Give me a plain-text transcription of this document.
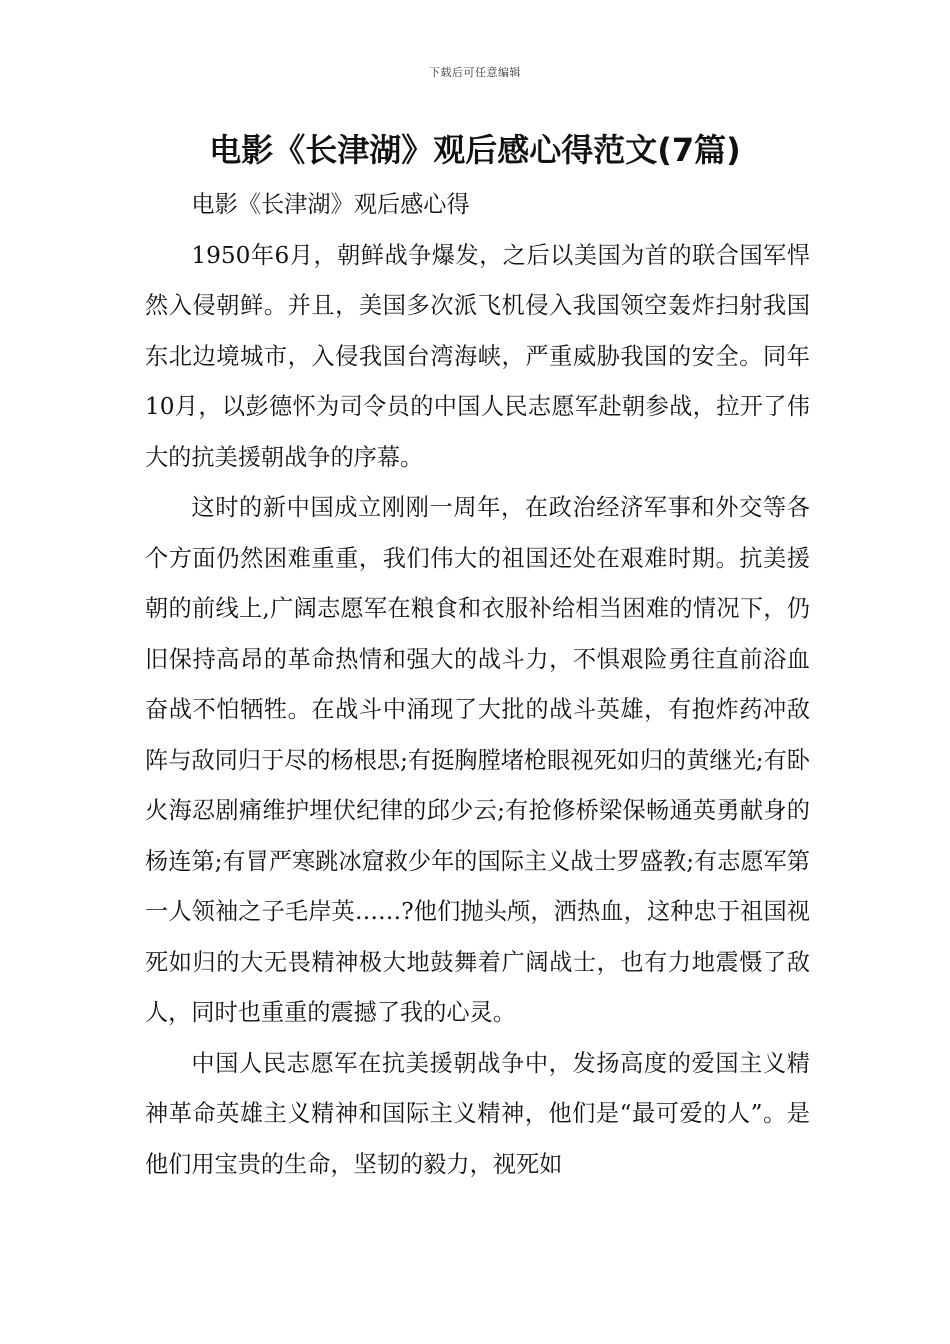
下载后可任意编辑
电影《长津湖》观后感心得范文(7篇)

电影《长津湖》观后感心得

1950年6月，朝鲜战争爆发，之后以美国为首的联合国军悍然入侵朝鲜。并且，美国多次派飞机侵入我国领空轰炸扫射我国东北边境城市，入侵我国台湾海峡，严重威胁我国的安全。同年10月，以彭德怀为司令员的中国人民志愿军赴朝参战，拉开了伟大的抗美援朝战争的序幕。

这时的新中国成立刚刚一周年，在政治经济军事和外交等各个方面仍然困难重重，我们伟大的祖国还处在艰难时期。抗美援朝的前线上,广阔志愿军在粮食和衣服补给相当困难的情况下，仍旧保持高昂的革命热情和强大的战斗力，不惧艰险勇往直前浴血奋战不怕牺牲。在战斗中涌现了大批的战斗英雄，有抱炸药冲敌阵与敌同归于尽的杨根思;有挺胸膛堵枪眼视死如归的黄继光;有卧火海忍剧痛维护埋伏纪律的邱少云;有抢修桥梁保畅通英勇献身的杨连第;有冒严寒跳冰窟救少年的国际主义战士罗盛教;有志愿军第一人领袖之子毛岸英……?他们抛头颅，洒热血，这种忠于祖国视死如归的大无畏精神极大地鼓舞着广阔战士，也有力地震慑了敌人，同时也重重的震撼了我的心灵。

中国人民志愿军在抗美援朝战争中，发扬高度的爱国主义精神革命英雄主义精神和国际主义精神，他们是“最可爱的人”。是他们用宝贵的生命，坚韧的毅力，视死如
